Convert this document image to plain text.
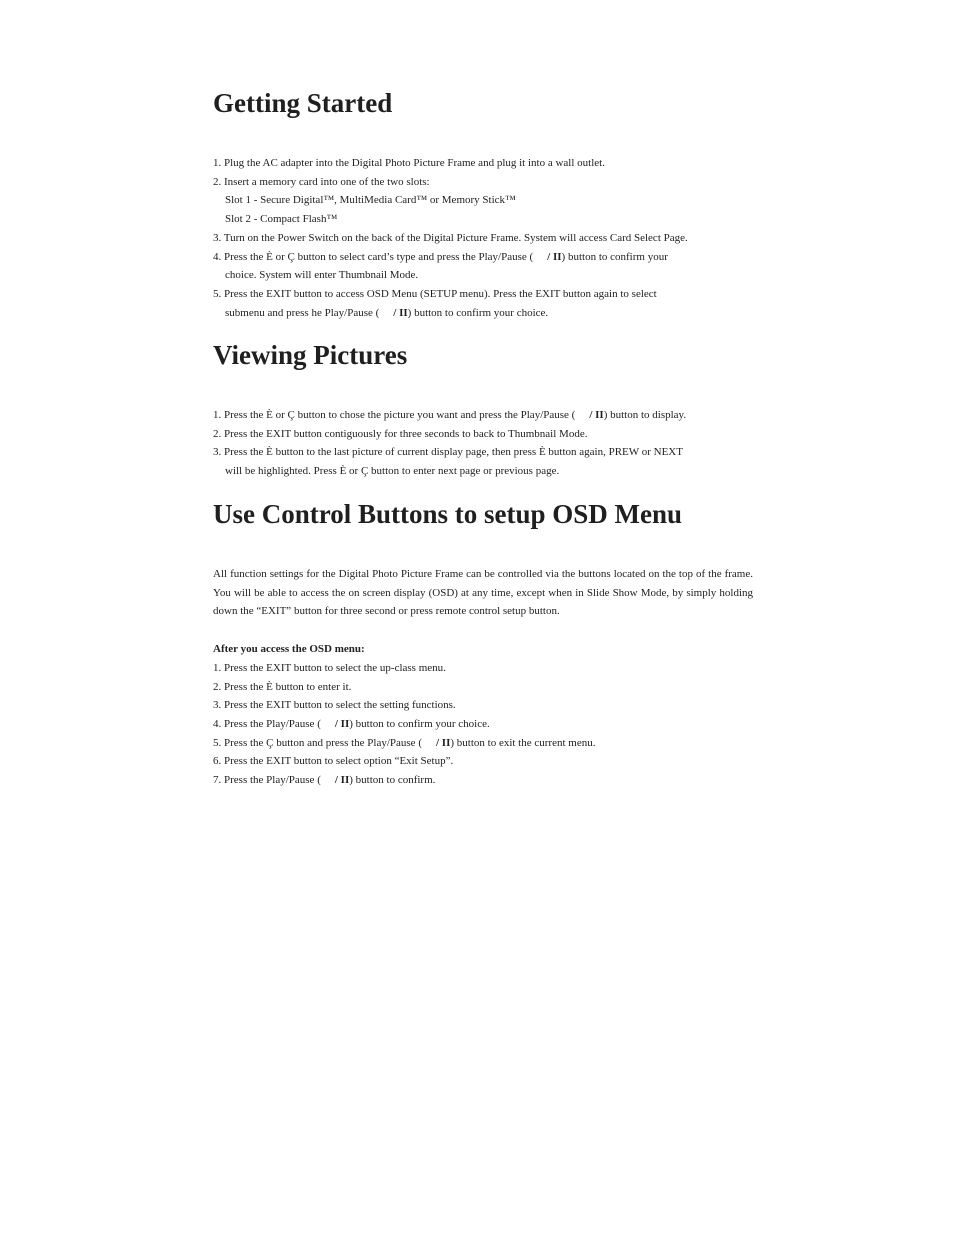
Getting Started
1. Plug the AC adapter into the Digital Photo Picture Frame and plug it into a wall outlet.
2. Insert a memory card into one of the two slots:
Slot 1 - Secure Digital™, MultiMedia Card™ or Memory Stick™
Slot 2 - Compact Flash™
3. Turn on the Power Switch on the back of the Digital Picture Frame. System will access Card Select Page.
4. Press the È or Ç button to select card’s type and press the Play/Pause ( / II) button to confirm your
choice. System will enter Thumbnail Mode.
5. Press the EXIT button to access OSD Menu (SETUP menu). Press the EXIT button again to select
submenu and press he Play/Pause ( / II) button to confirm your choice.
Viewing Pictures
1. Press the È or Ç button to chose the picture you want and press the Play/Pause ( / II) button to display.
2. Press the EXIT button contiguously for three seconds to back to Thumbnail Mode.
3. Press the È button to the last picture of current display page, then press È button again, PREW or NEXT
will be highlighted. Press È or Ç button to enter next page or previous page.
Use Control Buttons to setup OSD Menu

All function settings for the Digital Photo Picture Frame can be controlled via the buttons located on the top of the frame. You will be able to access the on screen display (OSD) at any time, except when in Slide Show Mode, by simply holding down the “EXIT” button for three second or press remote control setup button.

After you access the OSD menu:
1. Press the EXIT button to select the up-class menu.
2. Press the È button to enter it.
3. Press the EXIT button to select the setting functions.
4. Press the Play/Pause ( / II) button to confirm your choice.
5. Press the Ç button and press the Play/Pause ( / II) button to exit the current menu.
6. Press the EXIT button to select option “Exit Setup”.
7. Press the Play/Pause ( / II) button to confirm.
